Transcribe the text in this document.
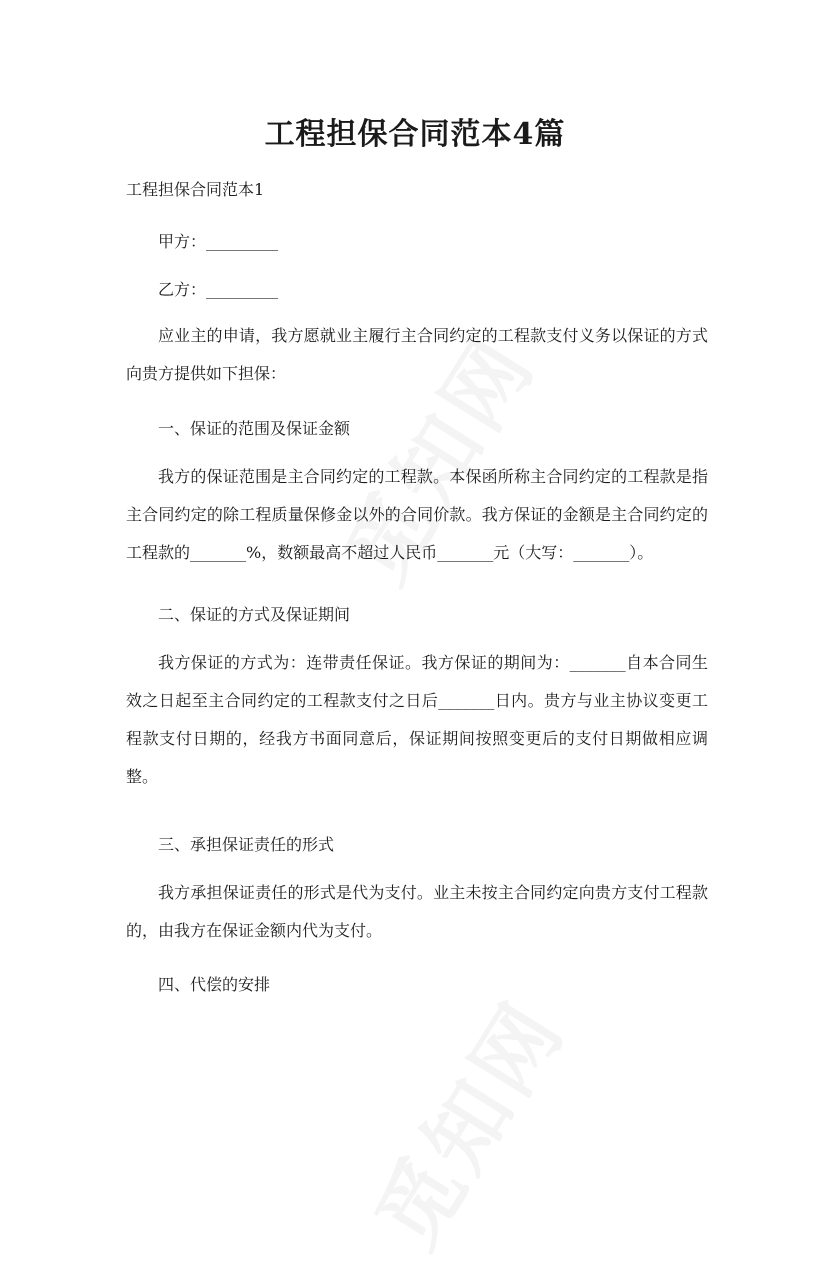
工程担保合同范本4篇

工程担保合同范本1

甲方：_________

乙方：_________

应业主的申请，我方愿就业主履行主合同约定的工程款支付义务以保证的方式向贵方提供如下担保：

一、保证的范围及保证金额

我方的保证范围是主合同约定的工程款。本保函所称主合同约定的工程款是指主合同约定的除工程质量保修金以外的合同价款。我方保证的金额是主合同约定的工程款的_______%，数额最高不超过人民币_______元（大写：_______）。

二、保证的方式及保证期间

我方保证的方式为：连带责任保证。我方保证的期间为：_______自本合同生效之日起至主合同约定的工程款支付之日后_______日内。贵方与业主协议变更工程款支付日期的，经我方书面同意后，保证期间按照变更后的支付日期做相应调整。

三、承担保证责任的形式

我方承担保证责任的形式是代为支付。业主未按主合同约定向贵方支付工程款的，由我方在保证金额内代为支付。

四、代偿的安排
